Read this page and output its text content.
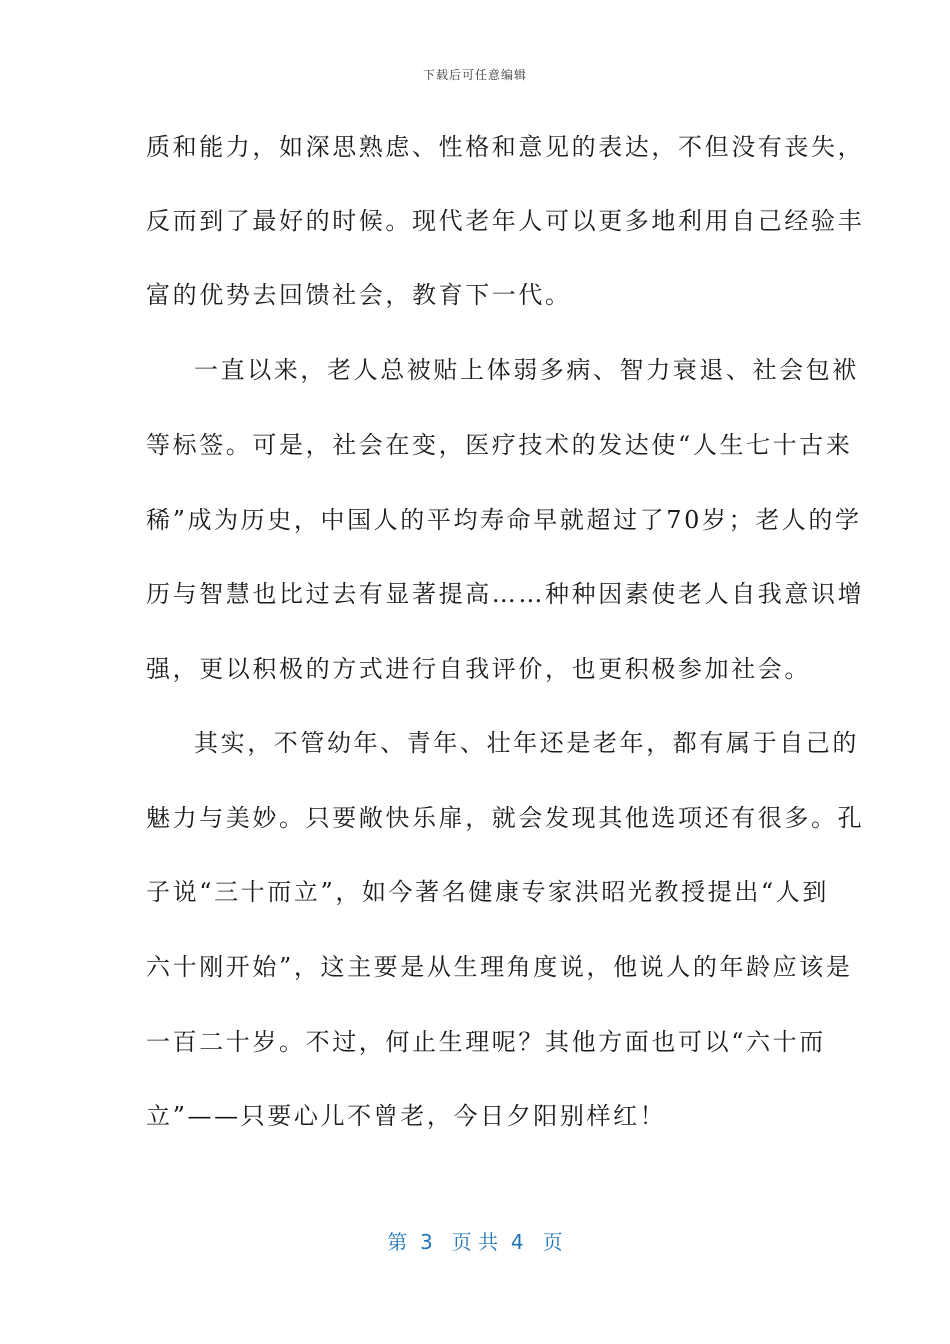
下载后可任意编辑
质和能力，如深思熟虑、性格和意见的表达，不但没有丧失，
反而到了最好的时候。现代老年人可以更多地利用自己经验丰
富的优势去回馈社会，教育下一代。
一直以来，老人总被贴上体弱多病、智力衰退、社会包袱
等标签。可是，社会在变，医疗技术的发达使“人生七十古来
稀”成为历史，中国人的平均寿命早就超过了70岁；老人的学
历与智慧也比过去有显著提高……种种因素使老人自我意识增
强，更以积极的方式进行自我评价，也更积极参加社会。
其实，不管幼年、青年、壮年还是老年，都有属于自己的
魅力与美妙。只要敞快乐扉，就会发现其他选项还有很多。孔
子说“三十而立”，如今著名健康专家洪昭光教授提出“人到
六十刚开始”，这主要是从生理角度说，他说人的年龄应该是
一百二十岁。不过，何止生理呢？其他方面也可以“六十而
立”——只要心儿不曾老，今日夕阳别样红！
第  3   页 共  4   页
